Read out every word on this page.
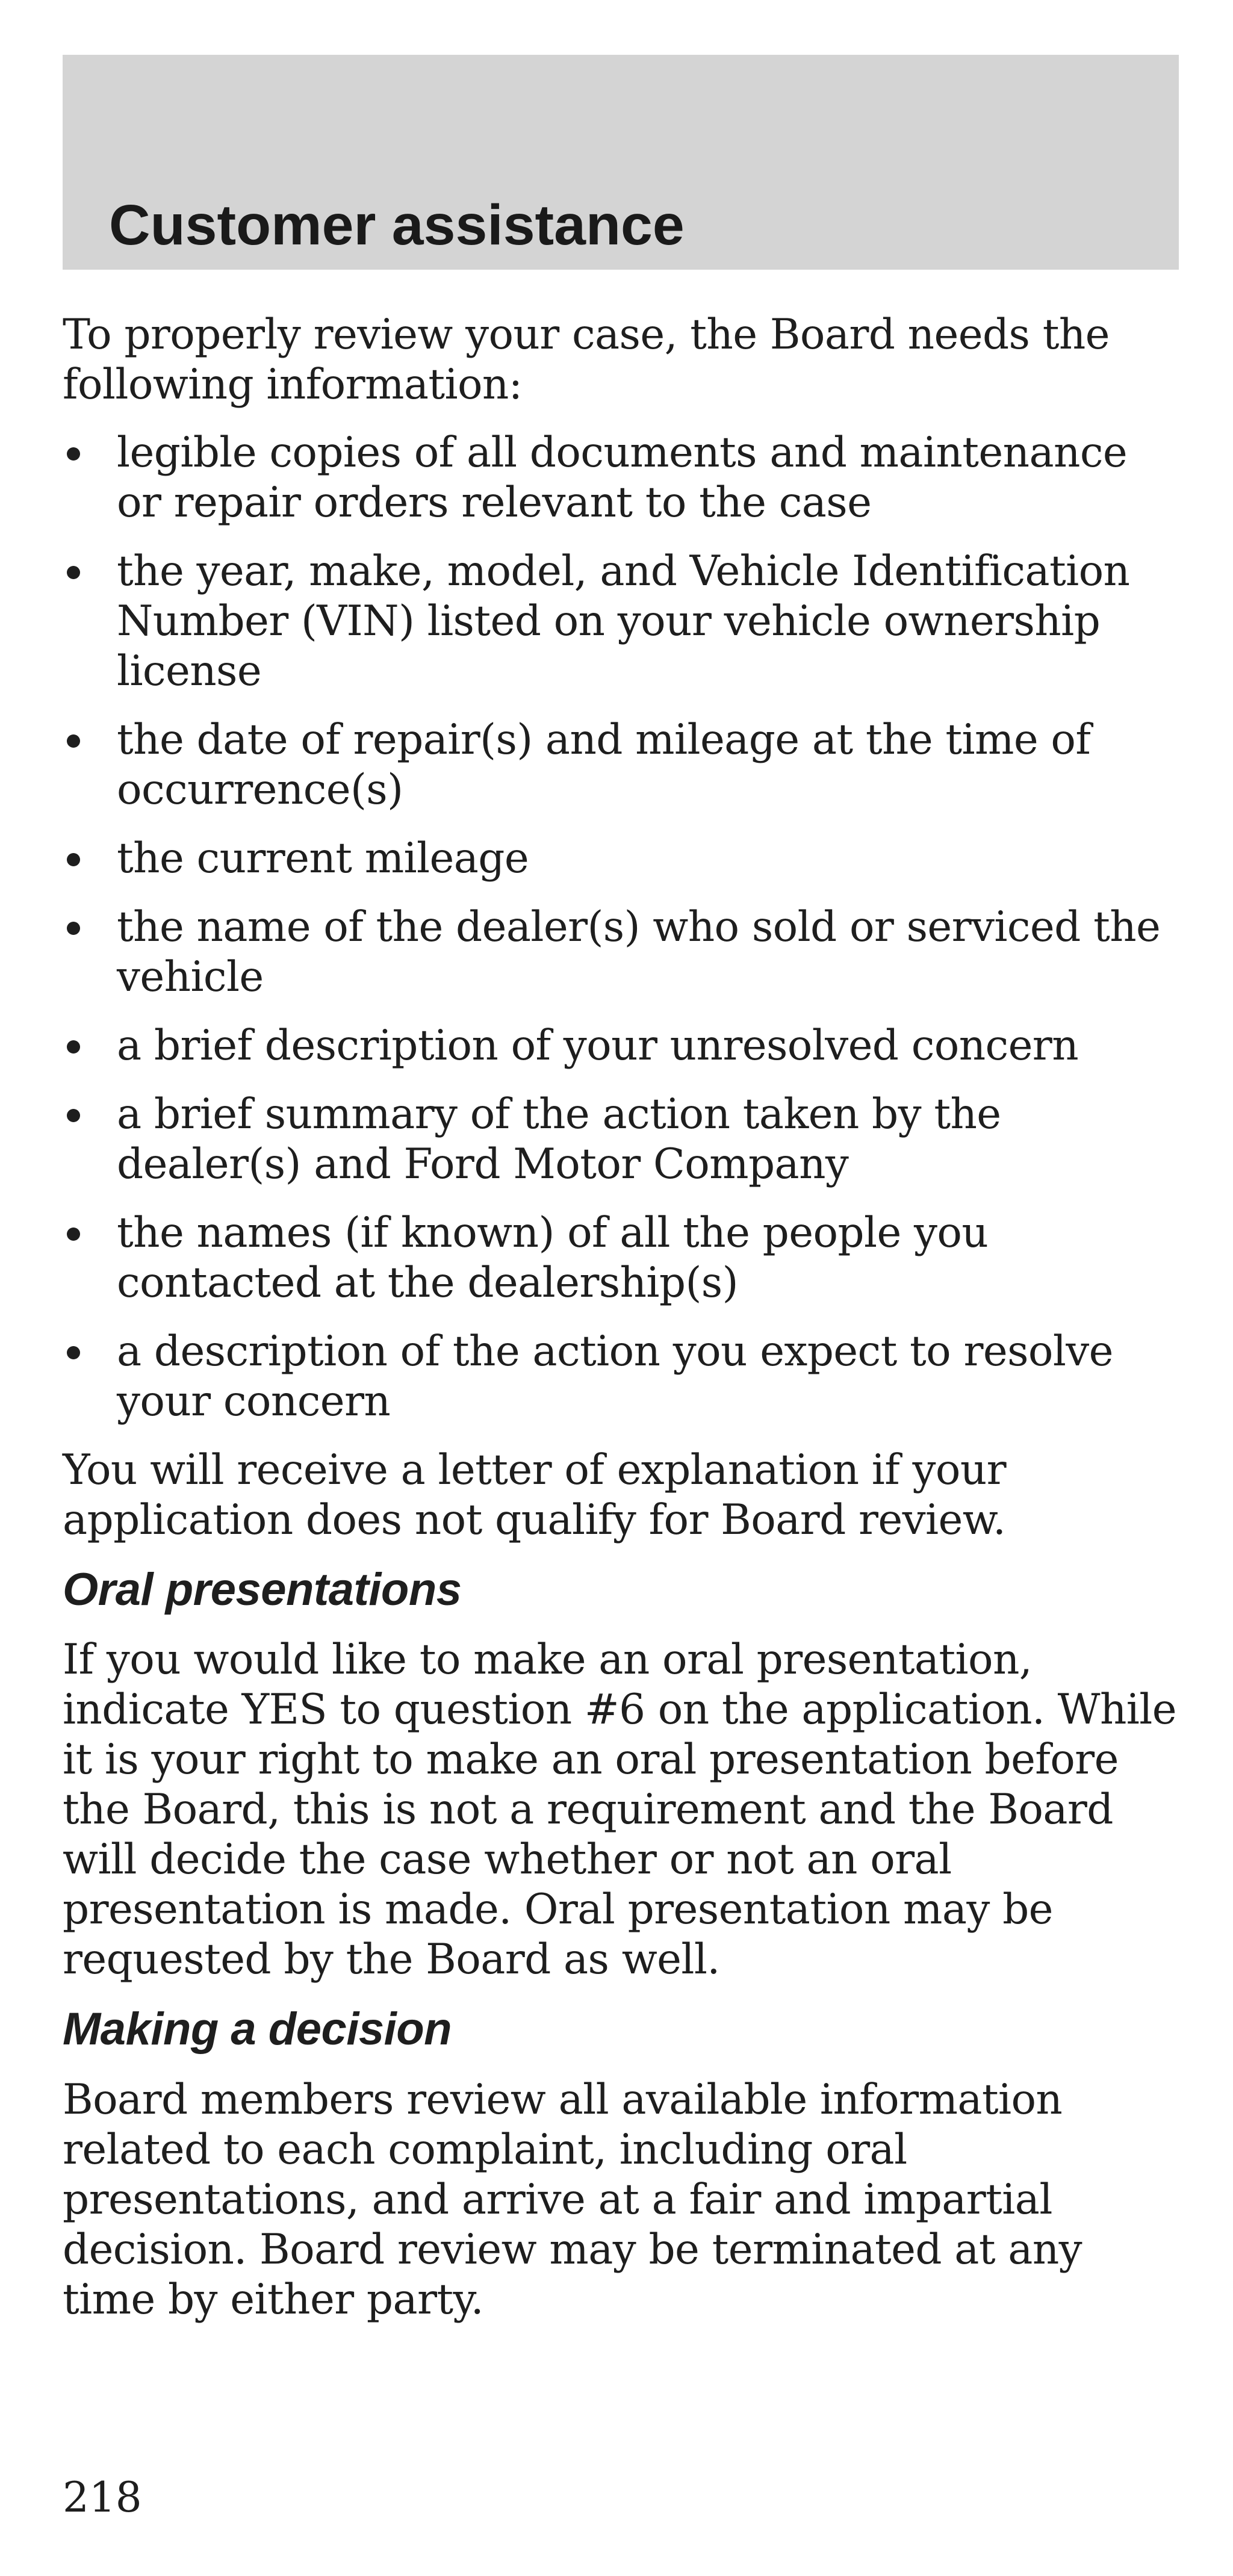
Customer assistance

To properly review your case, the Board needs the following information:

legible copies of all documents and maintenance or repair orders relevant to the case
the year, make, model, and Vehicle Identification Number (VIN) listed on your vehicle ownership license
the date of repair(s) and mileage at the time of occurrence(s)
the current mileage
the name of the dealer(s) who sold or serviced the vehicle
a brief description of your unresolved concern
a brief summary of the action taken by the dealer(s) and Ford Motor Company
the names (if known) of all the people you contacted at the dealership(s)
a description of the action you expect to resolve your concern

You will receive a letter of explanation if your application does not qualify for Board review.

Oral presentations

If you would like to make an oral presentation, indicate YES to question #6 on the application. While it is your right to make an oral presentation before the Board, this is not a requirement and the Board will decide the case whether or not an oral presentation is made. Oral presentation may be requested by the Board as well.

Making a decision

Board members review all available information related to each complaint, including oral presentations, and arrive at a fair and impartial decision. Board review may be terminated at any time by either party.

218
